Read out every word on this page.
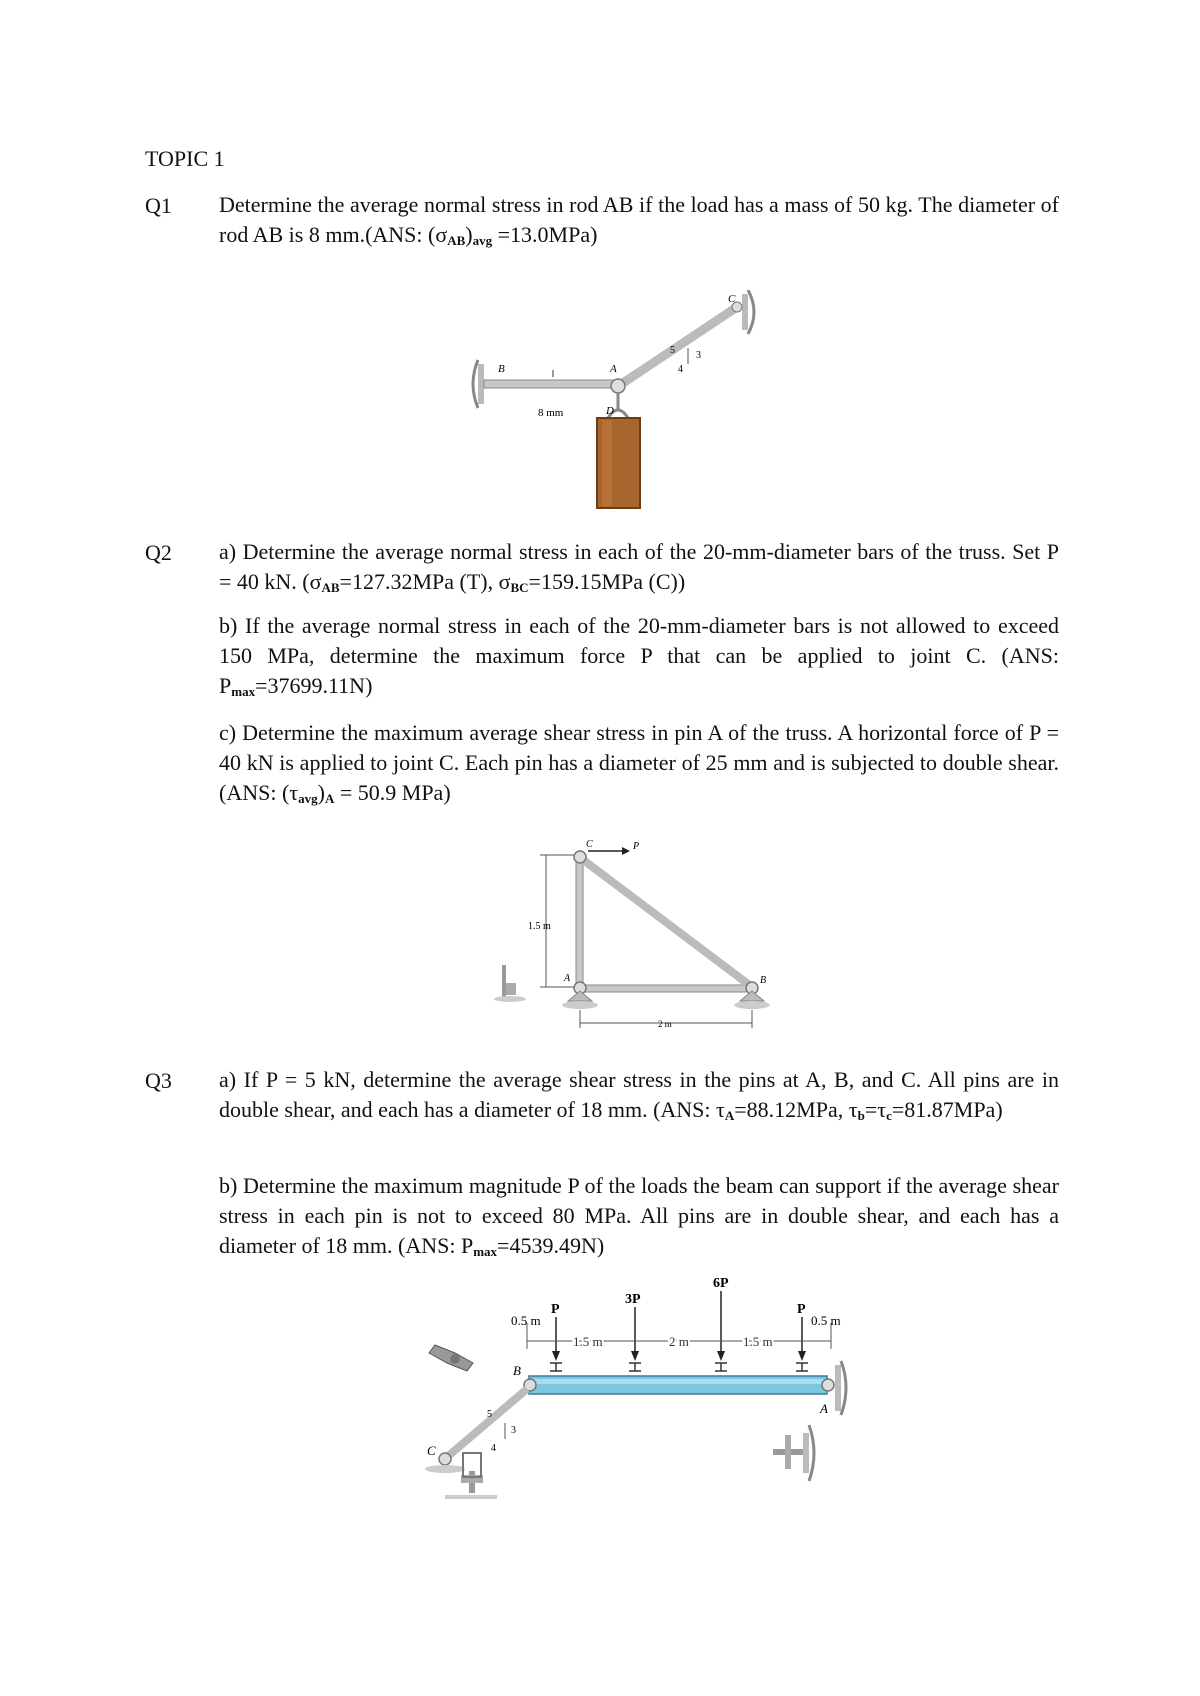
TOPIC 1
Q1 Determine the average normal stress in rod AB if the load has a mass of 50 kg. The diameter of rod AB is 8 mm.(ANS: $(\sigma_{AB})_{avg} =13.0MPa$)

B	A
C
D
8 mm
5
4
3
Q2 a) Determine the average normal stress in each of the 20-mm-diameter bars of the truss. Set P = 40 kN. ($\sigma_{AB}=127.32MPa$ (T), $\sigma_{BC}=159.15MPa$ (C))

b) If the average normal stress in each of the 20-mm-diameter bars is not allowed to exceed 150 MPa, determine the maximum force P that can be applied to joint C. (ANS: $P_{max}=37699.11N$)

c) Determine the maximum average shear stress in pin A of the truss. A horizontal force of P = 40 kN is applied to joint C. Each pin has a diameter of 25 mm and is subjected to double shear. (ANS: $(\tau_{avg})_A = 50.9$ MPa)

1.5 m
P
C
A	B
2 m
Q3 a) If P = 5 kN, determine the average shear stress in the pins at A, B, and C. All pins are in double shear, and each has a diameter of 18 mm. (ANS: $\tau_A=88.12MPa$, $\tau_b=\tau_c=81.87MPa$)

b) Determine the maximum magnitude P of the loads the beam can support if the average shear stress in each pin is not to exceed 80 MPa. All pins are in double shear, and each has a diameter of 18 mm. (ANS: $P_{max}=4539.49N$)

P
3P
6P
P
0.5 m
1.5 m	2 m	1.5 m
0.5 m
B
A
C
5
4
3
